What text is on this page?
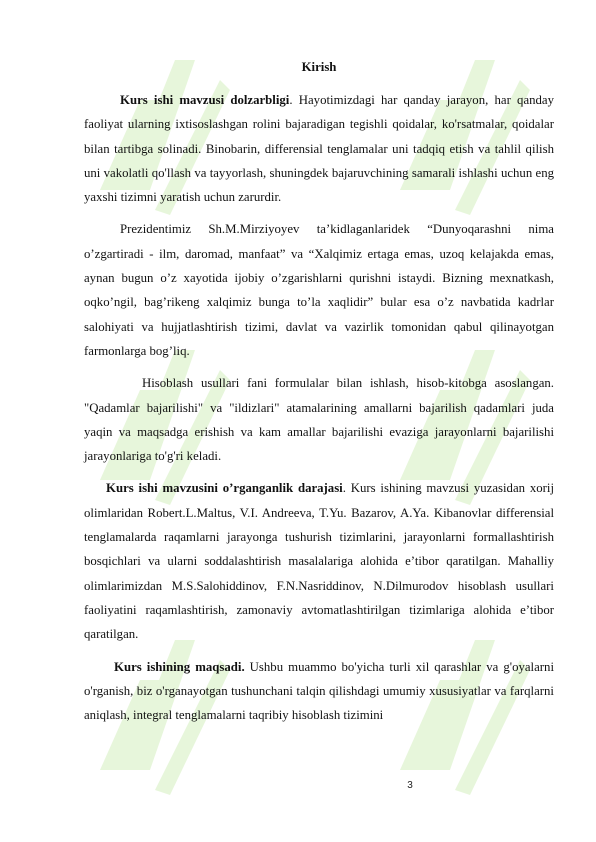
Kirish

Kurs ishi mavzusi dolzarbligi. Hayotimizdagi har qanday jarayon, har qanday faoliyat ularning ixtisoslashgan rolini bajaradigan tegishli qoidalar, ko'rsatmalar, qoidalar bilan tartibga solinadi. Binobarin, differensial tenglamalar uni tadqiq etish va tahlil qilish uni vakolatli qo'llash va tayyorlash, shuningdek bajaruvchining samarali ishlashi uchun eng yaxshi tizimni yaratish uchun zarurdir.

Prezidentimiz Sh.M.Mirziyoyev ta’kidlaganlaridek “Dunyoqarashni nima o’zgartiradi - ilm, daromad, manfaat” va “Xalqimiz ertaga emas, uzoq kelajakda emas, aynan bugun o’z xayotida ijobiy o’zgarishlarni qurishni istaydi. Bizning mexnatkash, oqko’ngil, bag’rikeng xalqimiz bunga to’la xaqlidir” bular esa o’z navbatida kadrlar salohiyati va hujjatlashtirish tizimi, davlat va vazirlik tomonidan qabul qilinayotgan farmonlarga bog’liq.

Hisoblash usullari fani formulalar bilan ishlash, hisob-kitobga asoslangan. "Qadamlar bajarilishi" va "ildizlari" atamalarining amallarni bajarilish qadamlari juda yaqin va maqsadga erishish va kam amallar bajarilishi evaziga jarayonlarni bajarilishi jarayonlariga to'g'ri keladi.

Kurs ishi mavzusini o’rganganlik darajasi. Kurs ishining mavzusi yuzasidan xorij olimlaridan Robert.L.Maltus, V.I. Andreeva, T.Yu. Bazarov, A.Ya. Kibanovlar differensial tenglamalarda raqamlarni jarayonga tushurish tizimlarini, jarayonlarni formallashtirish bosqichlari va ularni soddalashtirish masalalariga alohida e’tibor qaratilgan. Mahalliy olimlarimizdan M.S.Salohiddinov, F.N.Nasriddinov, N.Dilmurodov hisoblash usullari faoliyatini raqamlashtirish, zamonaviy avtomatlashtirilgan tizimlariga alohida e’tibor qaratilgan.

Kurs ishining maqsadi. Ushbu muammo bo'yicha turli xil qarashlar va g'oyalarni o'rganish, biz o'rganayotgan tushunchani talqin qilishdagi umumiy xususiyatlar va farqlarni aniqlash, integral tenglamalarni taqribiy hisoblash tizimini

3
